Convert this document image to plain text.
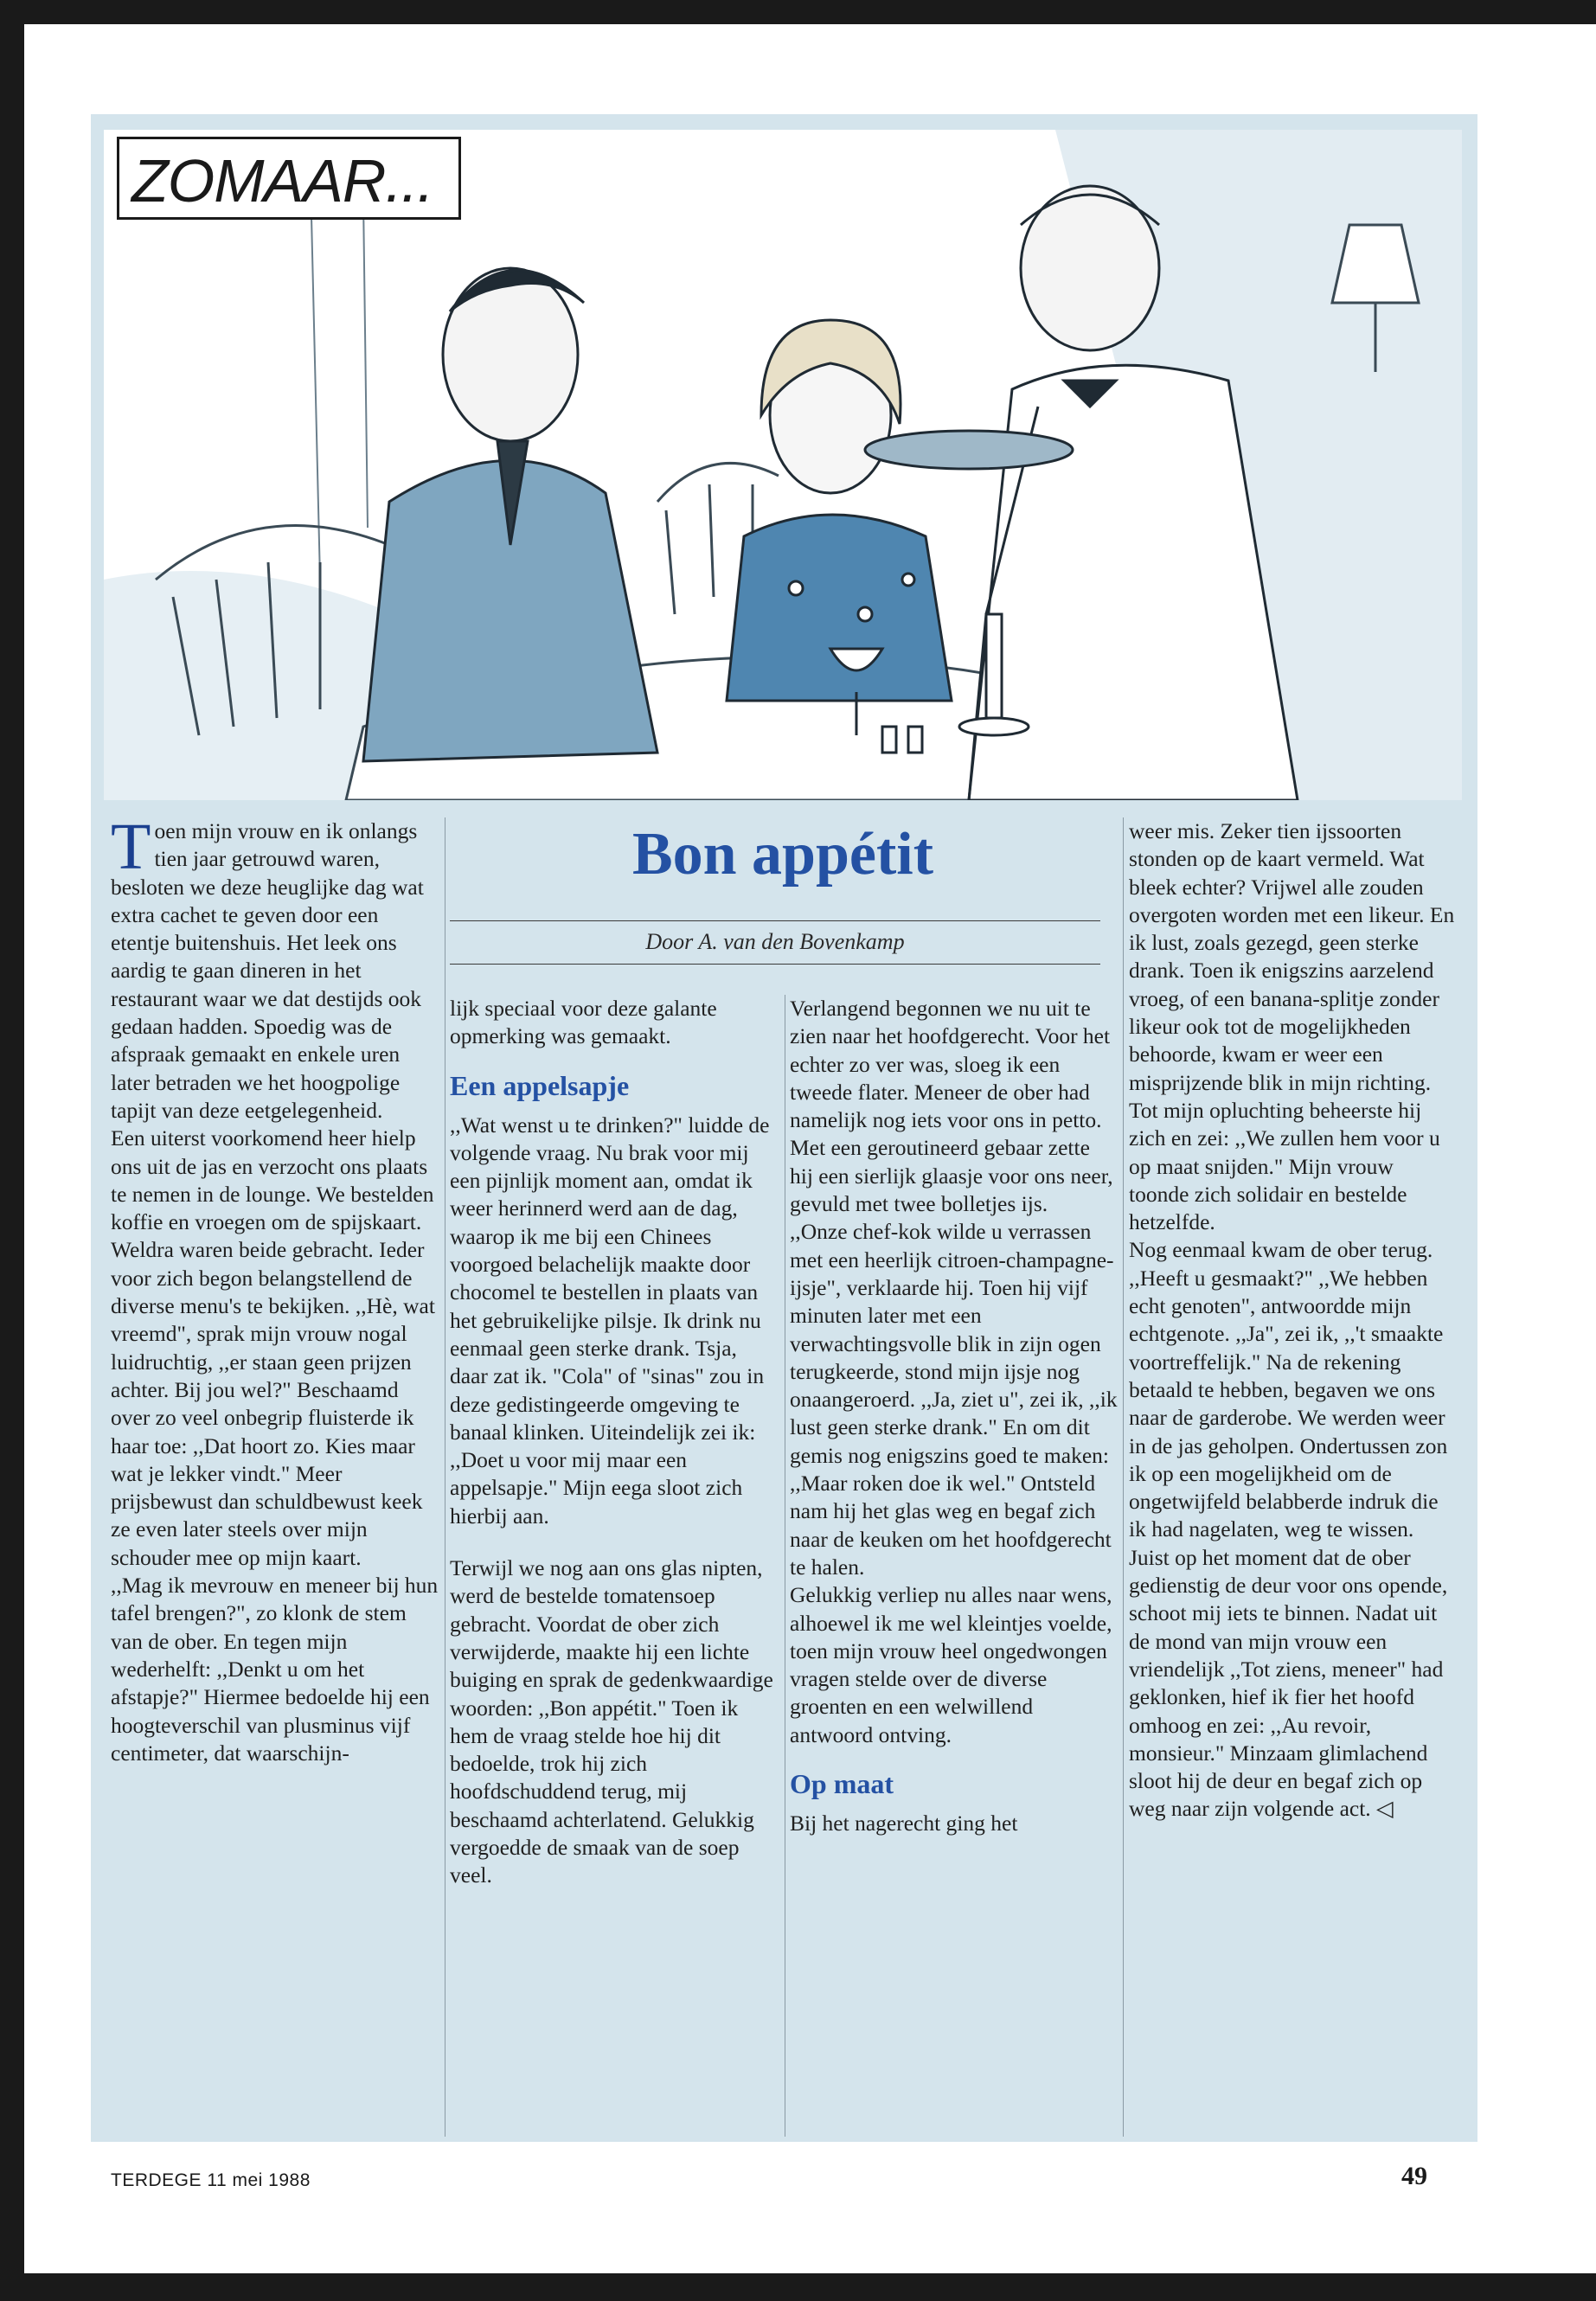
ZOMAAR...
Bon appétit
Door A. van den Bovenkamp

Toen mijn vrouw en ik onlangs tien jaar getrouwd waren, besloten we deze heuglijke dag wat extra cachet te geven door een etentje buitenshuis. Het leek ons aardig te gaan dineren in het restaurant waar we dat destijds ook gedaan hadden. Spoedig was de afspraak gemaakt en enkele uren later betraden we het hoogpolige tapijt van deze eetgelegenheid.

Een uiterst voorkomend heer hielp ons uit de jas en verzocht ons plaats te nemen in de lounge. We bestelden koffie en vroegen om de spijskaart. Weldra waren beide gebracht. Ieder voor zich begon belangstellend de diverse menu's te bekijken. ,,Hè, wat vreemd", sprak mijn vrouw nogal luidruchtig, ,,er staan geen prijzen achter. Bij jou wel?" Beschaamd over zo veel onbegrip fluisterde ik haar toe: ,,Dat hoort zo. Kies maar wat je lekker vindt." Meer prijsbewust dan schuldbewust keek ze even later steels over mijn schouder mee op mijn kaart.

,,Mag ik mevrouw en meneer bij hun tafel brengen?", zo klonk de stem van de ober. En tegen mijn wederhelft: ,,Denkt u om het afstapje?" Hiermee bedoelde hij een hoogteverschil van plusminus vijf centimeter, dat waarschijn-

lijk speciaal voor deze galante opmerking was gemaakt.

Een appelsapje

,,Wat wenst u te drinken?" luidde de volgende vraag. Nu brak voor mij een pijnlijk moment aan, omdat ik weer herinnerd werd aan de dag, waarop ik me bij een Chinees voorgoed belachelijk maakte door chocomel te bestellen in plaats van het gebruikelijke pilsje. Ik drink nu eenmaal geen sterke drank. Tsja, daar zat ik. "Cola" of "sinas" zou in deze gedistingeerde omgeving te banaal klinken. Uiteindelijk zei ik: ,,Doet u voor mij maar een appelsapje." Mijn eega sloot zich hierbij aan.

Terwijl we nog aan ons glas nipten, werd de bestelde tomatensoep gebracht. Voordat de ober zich verwijderde, maakte hij een lichte buiging en sprak de gedenkwaardige woorden: ,,Bon appétit." Toen ik hem de vraag stelde hoe hij dit bedoelde, trok hij zich hoofdschuddend terug, mij beschaamd achterlatend. Gelukkig vergoedde de smaak van de soep veel.

Verlangend begonnen we nu uit te zien naar het hoofdgerecht. Voor het echter zo ver was, sloeg ik een tweede flater. Meneer de ober had namelijk nog iets voor ons in petto. Met een geroutineerd gebaar zette hij een sierlijk glaasje voor ons neer, gevuld met twee bolletjes ijs.

,,Onze chef-kok wilde u verrassen met een heerlijk citroen-champagne-ijsje", verklaarde hij. Toen hij vijf minuten later met een verwachtingsvolle blik in zijn ogen terugkeerde, stond mijn ijsje nog onaangeroerd. ,,Ja, ziet u", zei ik, ,,ik lust geen sterke drank." En om dit gemis nog enigszins goed te maken: ,,Maar roken doe ik wel." Ontsteld nam hij het glas weg en begaf zich naar de keuken om het hoofdgerecht te halen.

Gelukkig verliep nu alles naar wens, alhoewel ik me wel kleintjes voelde, toen mijn vrouw heel ongedwongen vragen stelde over de diverse groenten en een welwillend antwoord ontving.

Op maat

Bij het nagerecht ging het

weer mis. Zeker tien ijssoorten stonden op de kaart vermeld. Wat bleek echter? Vrijwel alle zouden overgoten worden met een likeur. En ik lust, zoals gezegd, geen sterke drank. Toen ik enigszins aarzelend vroeg, of een banana-splitje zonder likeur ook tot de mogelijkheden behoorde, kwam er weer een misprijzende blik in mijn richting. Tot mijn opluchting beheerste hij zich en zei: ,,We zullen hem voor u op maat snijden." Mijn vrouw toonde zich solidair en bestelde hetzelfde.

Nog eenmaal kwam de ober terug. ,,Heeft u gesmaakt?" ,,We hebben echt genoten", antwoordde mijn echtgenote. ,,Ja", zei ik, ,,'t smaakte voortreffelijk." Na de rekening betaald te hebben, begaven we ons naar de garderobe. We werden weer in de jas geholpen. Ondertussen zon ik op een mogelijkheid om de ongetwijfeld belabberde indruk die ik had nagelaten, weg te wissen. Juist op het moment dat de ober gedienstig de deur voor ons opende, schoot mij iets te binnen. Nadat uit de mond van mijn vrouw een vriendelijk ,,Tot ziens, meneer" had geklonken, hief ik fier het hoofd omhoog en zei: ,,Au revoir, monsieur." Minzaam glimlachend sloot hij de deur en begaf zich op weg naar zijn volgende act. ◁

TERDEGE 11 mei 1988	49
